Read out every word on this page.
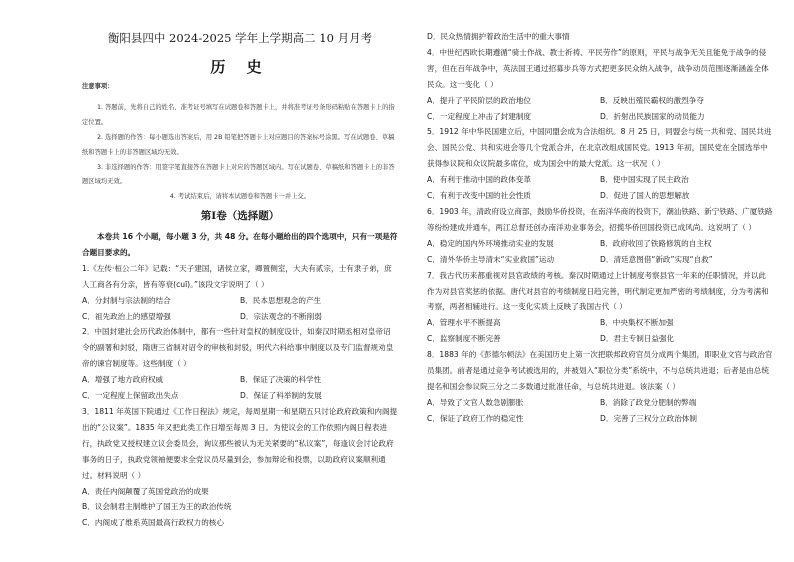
衡阳县四中 2024-2025 学年上学期高二 10 月月考
历 史
注意事项：

1. 答题前，先将自己的姓名、准考证号填写在试题卷和答题卡上，并将准考证号条形码粘贴在答题卡上的指定位置。

2. 选择题的作答：每小题选出答案后，用 2B 铅笔把答题卡上对应题目的答案标号涂黑。写在试题卷、草稿纸和答题卡上的非答题区域均无效。

3. 非选择题的作答：用签字笔直接答在答题卡上对应的答题区域内。写在试题卷、草稿纸和答题卡上的非答题区域均无效。

4. 考试结束后，请将本试题卷和答题卡一并上交。

第Ⅰ卷（选择题）

本卷共 16 个小题，每小题 3 分，共 48 分。在每小题给出的四个选项中，只有一项是符合题目要求的。

1.《左传·桓公二年》记载：“天子建国，诸侯立家，卿置侧室，大夫有贰宗，士有隶子弟，庶人工商各有分亲，皆有等衰(cuī)。”该段文字说明了（ ）

A．分封制与宗法制的结合	B．民本思想观念的产生
C．祖先政治上的感望增强	D．宗法观念的不断削弱

2．中国封建社会历代政治体制中，都有一些针对皇权的制度设计，如秦汉时期丞相对皇帝诏令的副署和封驳，隋唐三省制对诏令的审核和封驳，明代六科给事中制度以及专门监督规劝皇帝的谏官制度等。这些制度（ ）

A．增强了地方政府权威	B．保证了决策的科学性
C．一定程度上保留政出失点	D．保证了科举制的发展

3．1811 年英国下院通过《工作日程法》规定，每周星期一和星期五只讨论政府政策和内阁提出的“公议案”。1835 年又把此类工作日增至每周 3 日。为使议会的工作依照内阁日程表进行，执政党又授权建立议会委员会，询议那些被认为无关紧要的“私议案”，每逢议会讨论政府事务的日子，执政党领袖便要求全党议员尽量到会，参加辩论和投票，以助政府议案顺利通过。材料说明（ ）

A．责任内阁颠覆了英国党政治的成果

B．议会制君主制维护了国王为王的政治传统

C．内阁成了维系英国最高行政权力的核心

D．民众热情拥护着政治生活中的重大事情

4．中世纪西欧长期遵循“骑士作战、教士祈祷、平民劳作”的原则，平民与战争无关且能免于战争的侵害，但在百年战争中，英法国王通过招募步兵等方式把更多民众纳入战争，战争动员范围逐渐涵盖全体民众。这一变化（ ）

A．提升了平民阶层的政治地位	B．反映出殖民霸权的激烈争夺
C．一定程度上冲击了封建制度	D．折射出民族国家的动员能力

5．1912 年中华民国建立后，中国同盟会成为合法组织。8 月 25 日，同盟会与统一共和党、国民共进会、国民公党、共和实进会等几个党派合并，在北京改组成国民党。1913 年初，国民党在全国选举中获得参议院和众议院最多席位，成为国会中的最大党派。这一状况（ ）

A．有利于推动中国的政体变革	B．使中国实现了民主政治
C．有利于改变中国的社会性质	D．促进了国人的思想解放

6．1903 年，清政府设立商部，鼓励华侨投资，在南洋华商的投资下，潮汕铁路、新宁铁路、广厦铁路等纷纷建成并通车，两江总督还创办南洋劝业事务会，招揽华侨回国投资已成风尚。这说明了（ ）

A．稳定的国内外环境推动实业的发展	B．政府收回了铁路修筑的自主权
C．清外华侨主导清末“实业救国”运动	D．清廷意图借“新政”实现“自救”

7．我古代历来都重视对县官政绩的考核。秦汉时期通过上计制度考察县官一年来的任职情况，并以此作为对县官奖惩的依据。唐代对县官的考绩制度日趋完善，明代制定更加严密的考绩制度，分为考满和考察，两者相辅进行。这一变化实质上反映了我国古代（ ）

A．管理水平不断提高	B．中央集权不断加强
C．监察制度不断完善	D．君主专制日益强化

8．1883 年的《彭德尔顿法》在美国历史上第一次把联邦政府官员分成两个集团，即职业文官与政治官员集团。前者是通过竞争考试被选用的，并被划入“职位分类”系统中，不与总统共进退；后者是由总统提名和国会参议院三分之二多数通过批准任命，与总统共进退。该法案（ ）

A．导致了文官人数急剧膨胀	B．消除了政党分肥制的弊端
C．保证了政府工作的稳定性	D．完善了三权分立政治体制
